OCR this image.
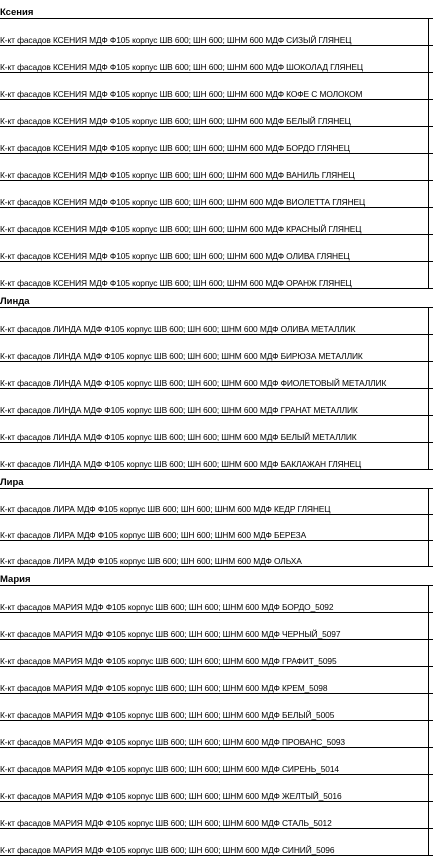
Ксения	
К-кт фасадов КСЕНИЯ МДФ Ф105 корпус ШВ 600; ШН 600; ШНМ 600 МДФ СИЗЫЙ ГЛЯНЕЦ	
К-кт фасадов КСЕНИЯ МДФ Ф105 корпус ШВ 600; ШН 600; ШНМ 600 МДФ ШОКОЛАД ГЛЯНЕЦ	
К-кт фасадов КСЕНИЯ МДФ Ф105 корпус ШВ 600; ШН 600; ШНМ 600 МДФ КОФЕ С МОЛОКОМ	
К-кт фасадов КСЕНИЯ МДФ Ф105 корпус ШВ 600; ШН 600; ШНМ 600 МДФ БЕЛЫЙ ГЛЯНЕЦ	
К-кт фасадов КСЕНИЯ МДФ Ф105 корпус ШВ 600; ШН 600; ШНМ 600 МДФ БОРДО ГЛЯНЕЦ	
К-кт фасадов КСЕНИЯ МДФ Ф105 корпус ШВ 600; ШН 600; ШНМ 600 МДФ ВАНИЛЬ ГЛЯНЕЦ	
К-кт фасадов КСЕНИЯ МДФ Ф105 корпус ШВ 600; ШН 600; ШНМ 600 МДФ ВИОЛЕТТА ГЛЯНЕЦ	
К-кт фасадов КСЕНИЯ МДФ Ф105 корпус ШВ 600; ШН 600; ШНМ 600 МДФ КРАСНЫЙ ГЛЯНЕЦ	
К-кт фасадов КСЕНИЯ МДФ Ф105 корпус ШВ 600; ШН 600; ШНМ 600 МДФ ОЛИВА ГЛЯНЕЦ	
К-кт фасадов КСЕНИЯ МДФ Ф105 корпус ШВ 600; ШН 600; ШНМ 600 МДФ ОРАНЖ ГЛЯНЕЦ	
Линда	
К-кт фасадов ЛИНДА МДФ Ф105 корпус ШВ 600; ШН 600; ШНМ 600 МДФ ОЛИВА МЕТАЛЛИК	
К-кт фасадов ЛИНДА МДФ Ф105 корпус ШВ 600; ШН 600; ШНМ 600 МДФ БИРЮЗА МЕТАЛЛИК	
К-кт фасадов ЛИНДА МДФ Ф105 корпус ШВ 600; ШН 600; ШНМ 600 МДФ ФИОЛЕТОВЫЙ МЕТАЛЛИК	
К-кт фасадов ЛИНДА МДФ Ф105 корпус ШВ 600; ШН 600; ШНМ 600 МДФ ГРАНАТ МЕТАЛЛИК	
К-кт фасадов ЛИНДА МДФ Ф105 корпус ШВ 600; ШН 600; ШНМ 600 МДФ БЕЛЫЙ МЕТАЛЛИК	
К-кт фасадов ЛИНДА МДФ Ф105 корпус ШВ 600; ШН 600; ШНМ 600 МДФ БАКЛАЖАН ГЛЯНЕЦ	
Лира	
К-кт фасадов ЛИРА МДФ Ф105 корпус ШВ 600; ШН 600; ШНМ 600 МДФ КЕДР ГЛЯНЕЦ	
К-кт фасадов ЛИРА МДФ Ф105 корпус ШВ 600; ШН 600; ШНМ 600 МДФ БЕРЕЗА	
К-кт фасадов ЛИРА МДФ Ф105 корпус ШВ 600; ШН 600; ШНМ 600 МДФ ОЛЬХА	
Мария	
К-кт фасадов МАРИЯ МДФ Ф105 корпус ШВ 600; ШН 600; ШНМ 600 МДФ БОРДО_5092	
К-кт фасадов МАРИЯ МДФ Ф105 корпус ШВ 600; ШН 600; ШНМ 600 МДФ ЧЕРНЫЙ_5097	
К-кт фасадов МАРИЯ МДФ Ф105 корпус ШВ 600; ШН 600; ШНМ 600 МДФ ГРАФИТ_5095	
К-кт фасадов МАРИЯ МДФ Ф105 корпус ШВ 600; ШН 600; ШНМ 600 МДФ КРЕМ_5098	
К-кт фасадов МАРИЯ МДФ Ф105 корпус ШВ 600; ШН 600; ШНМ 600 МДФ БЕЛЫЙ_5005	
К-кт фасадов МАРИЯ МДФ Ф105 корпус ШВ 600; ШН 600; ШНМ 600 МДФ ПРОВАНС_5093	
К-кт фасадов МАРИЯ МДФ Ф105 корпус ШВ 600; ШН 600; ШНМ 600 МДФ СИРЕНЬ_5014	
К-кт фасадов МАРИЯ МДФ Ф105 корпус ШВ 600; ШН 600; ШНМ 600 МДФ ЖЕЛТЫЙ_5016	
К-кт фасадов МАРИЯ МДФ Ф105 корпус ШВ 600; ШН 600; ШНМ 600 МДФ СТАЛЬ_5012	
К-кт фасадов МАРИЯ МДФ Ф105 корпус ШВ 600; ШН 600; ШНМ 600 МДФ СИНИЙ_5096	
